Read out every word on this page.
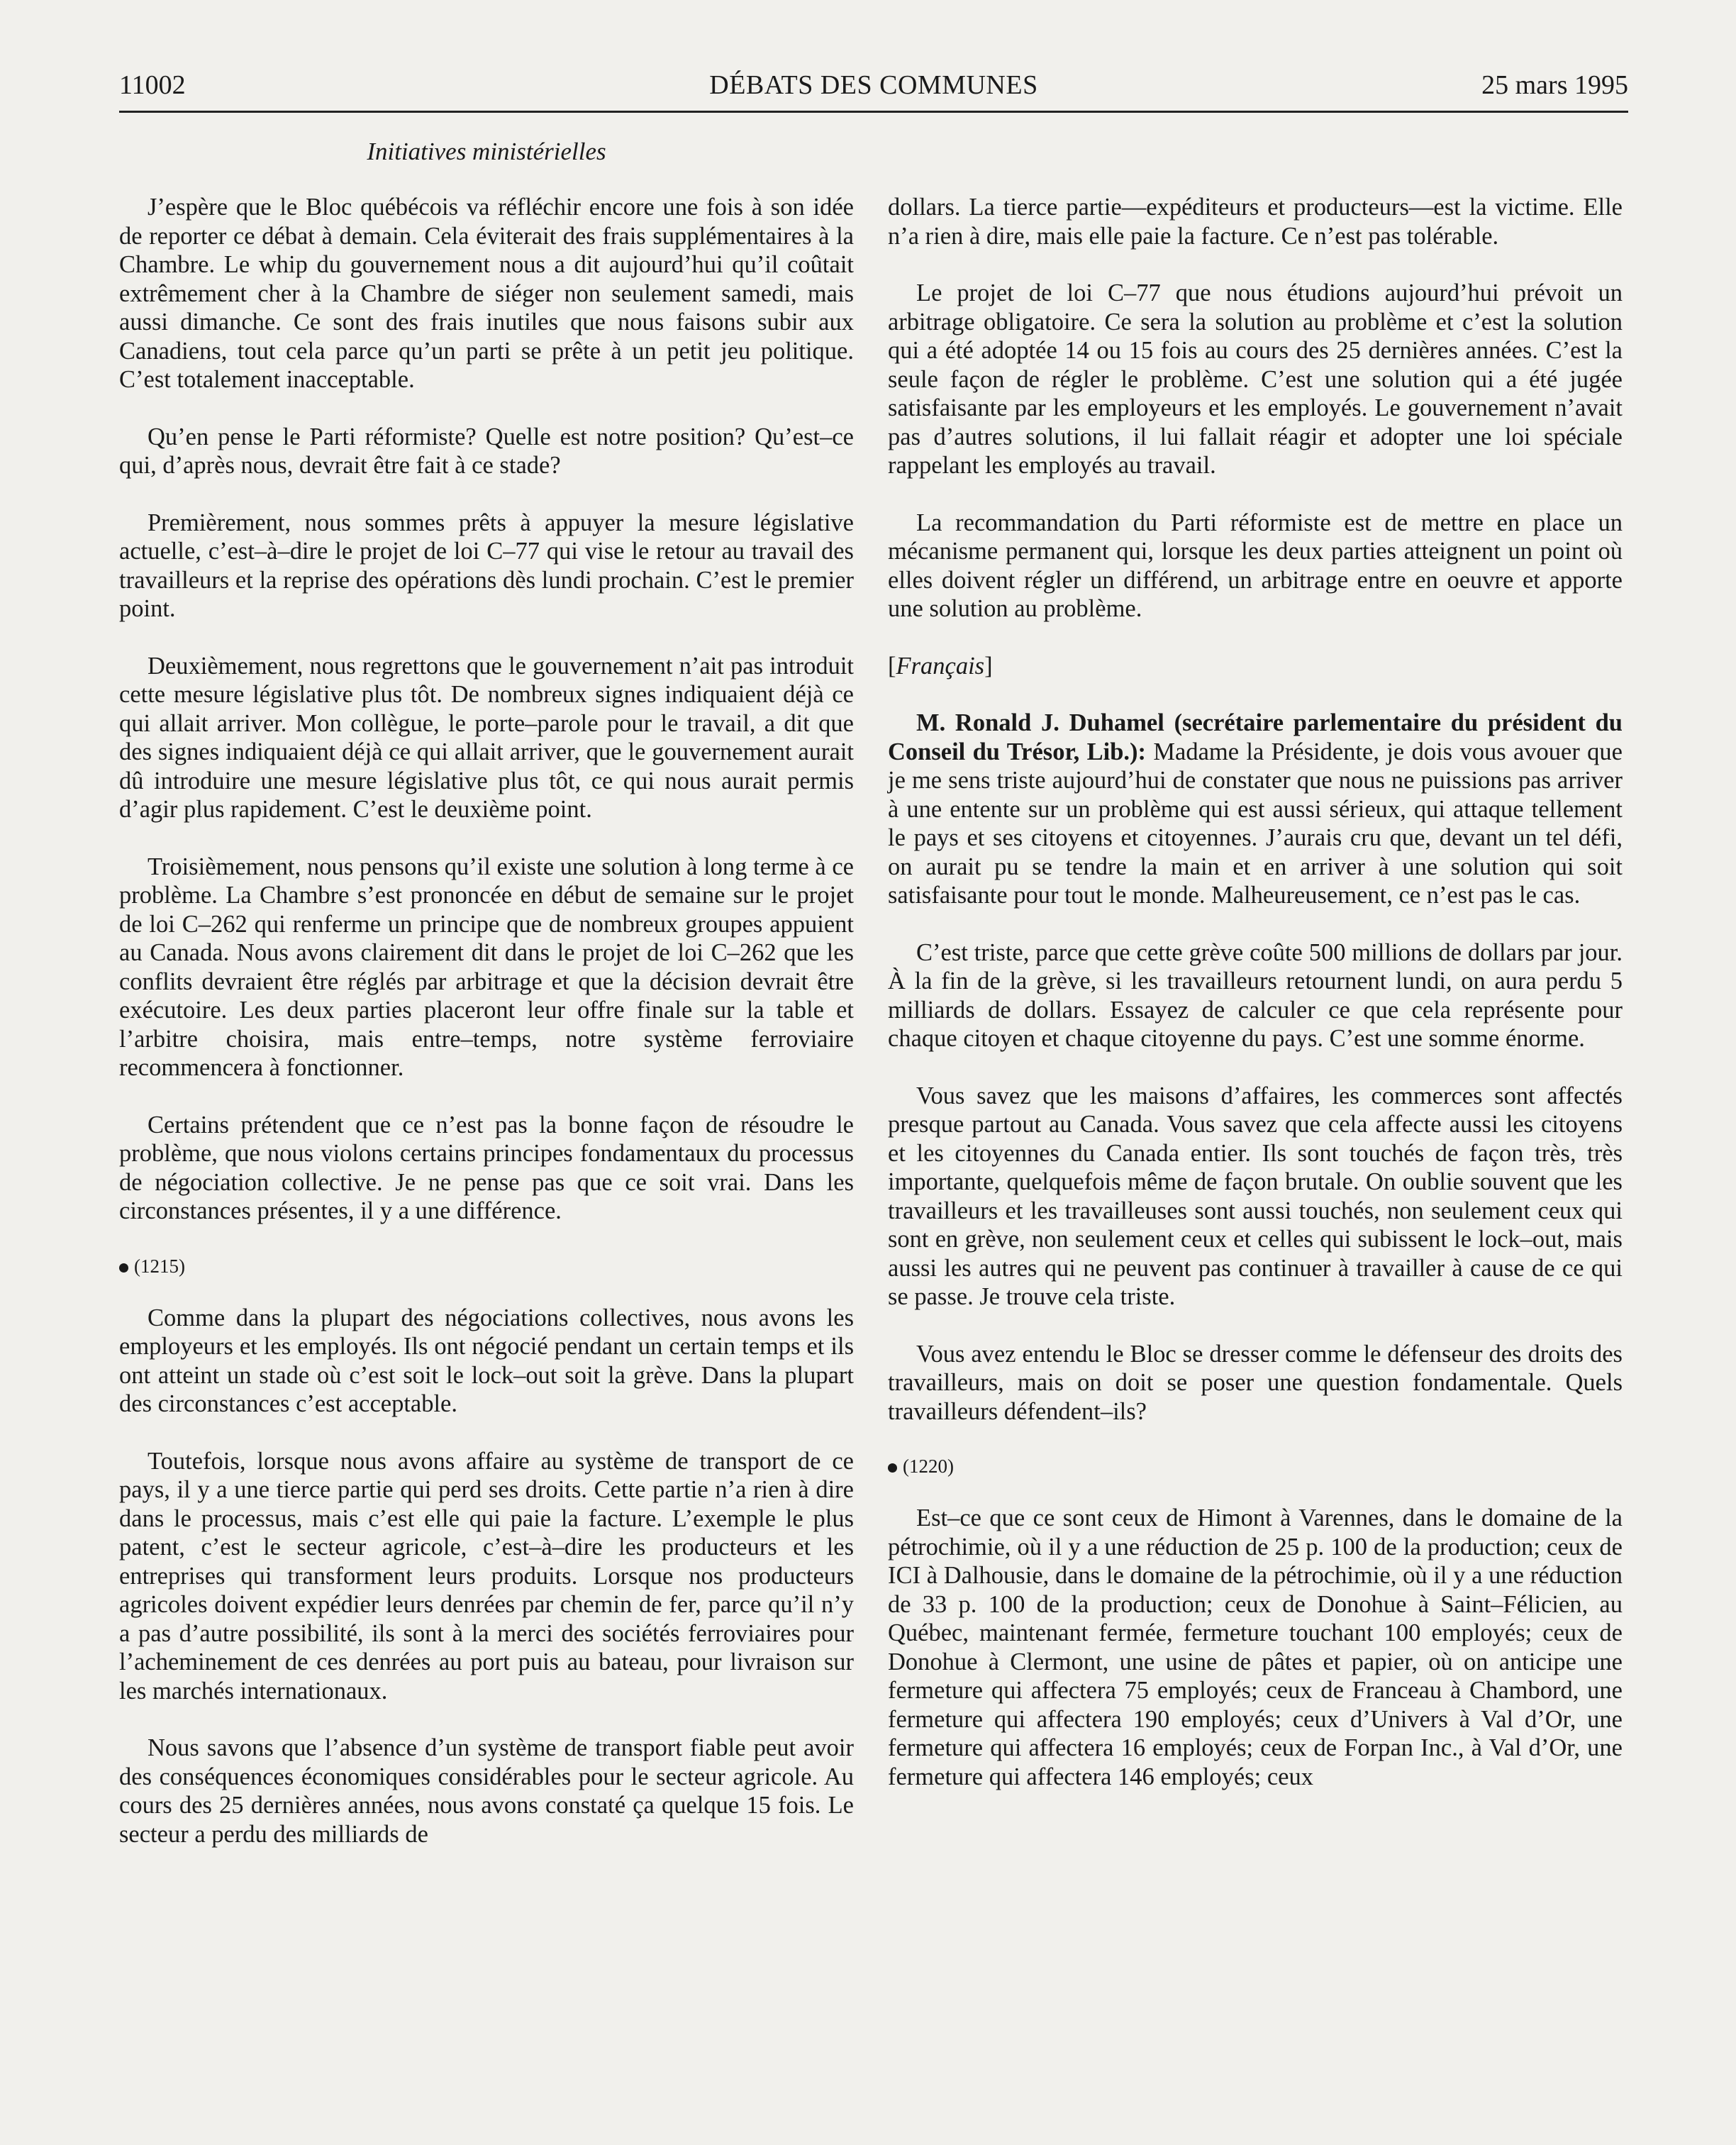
11002	DÉBATS DES COMMUNES	25 mars 1995
Initiatives ministérielles

J’espère que le Bloc québécois va réfléchir encore une fois à son idée de reporter ce débat à demain. Cela éviterait des frais supplémentaires à la Chambre. Le whip du gouvernement nous a dit aujourd’hui qu’il coûtait extrêmement cher à la Chambre de siéger non seulement samedi, mais aussi dimanche. Ce sont des frais inutiles que nous faisons subir aux Canadiens, tout cela parce qu’un parti se prête à un petit jeu politique. C’est totalement inacceptable.

Qu’en pense le Parti réformiste? Quelle est notre position? Qu’est–ce qui, d’après nous, devrait être fait à ce stade?

Premièrement, nous sommes prêts à appuyer la mesure législative actuelle, c’est–à–dire le projet de loi C–77 qui vise le retour au travail des travailleurs et la reprise des opérations dès lundi prochain. C’est le premier point.

Deuxièmement, nous regrettons que le gouvernement n’ait pas introduit cette mesure législative plus tôt. De nombreux signes indiquaient déjà ce qui allait arriver. Mon collègue, le porte–parole pour le travail, a dit que des signes indiquaient déjà ce qui allait arriver, que le gouvernement aurait dû introduire une mesure législative plus tôt, ce qui nous aurait permis d’agir plus rapidement. C’est le deuxième point.

Troisièmement, nous pensons qu’il existe une solution à long terme à ce problème. La Chambre s’est prononcée en début de semaine sur le projet de loi C–262 qui renferme un principe que de nombreux groupes appuient au Canada. Nous avons clairement dit dans le projet de loi C–262 que les conflits devraient être réglés par arbitrage et que la décision devrait être exécutoire. Les deux parties placeront leur offre finale sur la table et l’arbitre choisira, mais entre–temps, notre système ferroviaire recommencera à fonctionner.

Certains prétendent que ce n’est pas la bonne façon de résoudre le problème, que nous violons certains principes fondamentaux du processus de négociation collective. Je ne pense pas que ce soit vrai. Dans les circonstances présentes, il y a une différence.

(1215)

Comme dans la plupart des négociations collectives, nous avons les employeurs et les employés. Ils ont négocié pendant un certain temps et ils ont atteint un stade où c’est soit le lock–out soit la grève. Dans la plupart des circonstances c’est acceptable.

Toutefois, lorsque nous avons affaire au système de transport de ce pays, il y a une tierce partie qui perd ses droits. Cette partie n’a rien à dire dans le processus, mais c’est elle qui paie la facture. L’exemple le plus patent, c’est le secteur agricole, c’est–à–dire les producteurs et les entreprises qui transforment leurs produits. Lorsque nos producteurs agricoles doivent expédier leurs denrées par chemin de fer, parce qu’il n’y a pas d’autre possibilité, ils sont à la merci des sociétés ferroviaires pour l’acheminement de ces denrées au port puis au bateau, pour livraison sur les marchés internationaux.

Nous savons que l’absence d’un système de transport fiable peut avoir des conséquences économiques considérables pour le secteur agricole. Au cours des 25 dernières années, nous avons constaté ça quelque 15 fois. Le secteur a perdu des milliards de

dollars. La tierce partie—expéditeurs et producteurs—est la victime. Elle n’a rien à dire, mais elle paie la facture. Ce n’est pas tolérable.

Le projet de loi C–77 que nous étudions aujourd’hui prévoit un arbitrage obligatoire. Ce sera la solution au problème et c’est la solution qui a été adoptée 14 ou 15 fois au cours des 25 dernières années. C’est la seule façon de régler le problème. C’est une solution qui a été jugée satisfaisante par les employeurs et les employés. Le gouvernement n’avait pas d’autres solutions, il lui fallait réagir et adopter une loi spéciale rappelant les employés au travail.

La recommandation du Parti réformiste est de mettre en place un mécanisme permanent qui, lorsque les deux parties atteignent un point où elles doivent régler un différend, un arbitrage entre en oeuvre et apporte une solution au problème.

[Français]

M. Ronald J. Duhamel (secrétaire parlementaire du président du Conseil du Trésor, Lib.): Madame la Présidente, je dois vous avouer que je me sens triste aujourd’hui de constater que nous ne puissions pas arriver à une entente sur un problème qui est aussi sérieux, qui attaque tellement le pays et ses citoyens et citoyennes. J’aurais cru que, devant un tel défi, on aurait pu se tendre la main et en arriver à une solution qui soit satisfaisante pour tout le monde. Malheureusement, ce n’est pas le cas.

C’est triste, parce que cette grève coûte 500 millions de dollars par jour. À la fin de la grève, si les travailleurs retournent lundi, on aura perdu 5 milliards de dollars. Essayez de calculer ce que cela représente pour chaque citoyen et chaque citoyenne du pays. C’est une somme énorme.

Vous savez que les maisons d’affaires, les commerces sont affectés presque partout au Canada. Vous savez que cela affecte aussi les citoyens et les citoyennes du Canada entier. Ils sont touchés de façon très, très importante, quelquefois même de façon brutale. On oublie souvent que les travailleurs et les travailleuses sont aussi touchés, non seulement ceux qui sont en grève, non seulement ceux et celles qui subissent le lock–out, mais aussi les autres qui ne peuvent pas continuer à travailler à cause de ce qui se passe. Je trouve cela triste.

Vous avez entendu le Bloc se dresser comme le défenseur des droits des travailleurs, mais on doit se poser une question fondamentale. Quels travailleurs défendent–ils?

(1220)

Est–ce que ce sont ceux de Himont à Varennes, dans le domaine de la pétrochimie, où il y a une réduction de 25 p. 100 de la production; ceux de ICI à Dalhousie, dans le domaine de la pétrochimie, où il y a une réduction de 33 p. 100 de la production; ceux de Donohue à Saint–Félicien, au Québec, maintenant fermée, fermeture touchant 100 employés; ceux de Donohue à Clermont, une usine de pâtes et papier, où on anticipe une fermeture qui affectera 75 employés; ceux de Franceau à Chambord, une fermeture qui affectera 190 employés; ceux d’Univers à Val d’Or, une fermeture qui affectera 16 employés; ceux de Forpan Inc., à Val d’Or, une fermeture qui affectera 146 employés; ceux
